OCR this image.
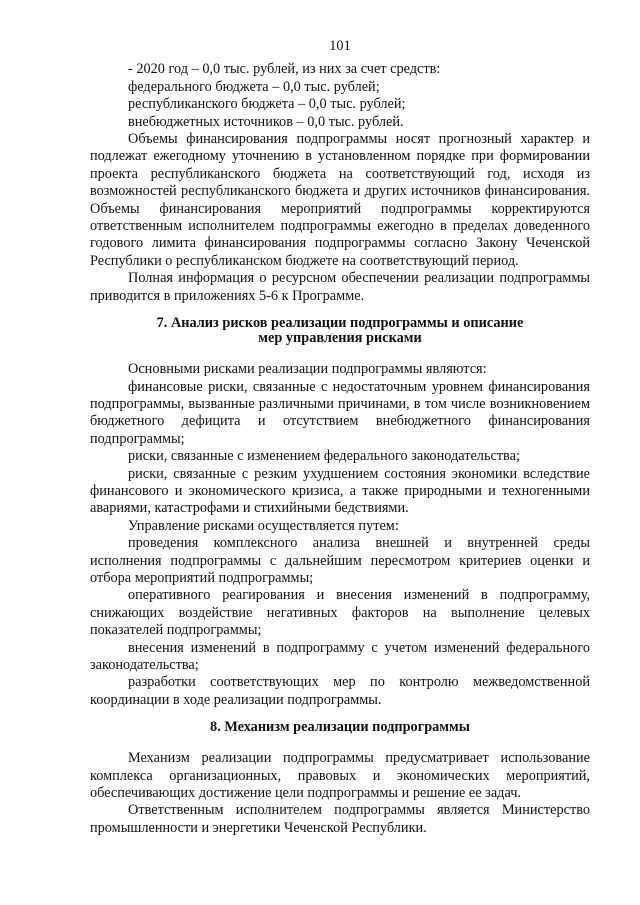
101

- 2020 год – 0,0 тыс. рублей, из них за счет средств:

федерального бюджета – 0,0 тыс. рублей;

республиканского бюджета – 0,0 тыс. рублей;

внебюджетных источников – 0,0 тыс. рублей.

Объемы финансирования подпрограммы носят прогнозный характер и подлежат ежегодному уточнению в установленном порядке при формировании проекта республиканского бюджета на соответствующий год, исходя из возможностей республиканского бюджета и других источников финансирования. Объемы финансирования мероприятий подпрограммы корректируются ответственным исполнителем подпрограммы ежегодно в пределах доведенного годового лимита финансирования подпрограммы согласно Закону Чеченской Республики о республиканском бюджете на соответствующий период.

Полная информация о ресурсном обеспечении реализации подпрограммы приводится в приложениях 5-6 к Программе.

7. Анализ рисков реализации подпрограммы и описание
мер управления рисками

Основными рисками реализации подпрограммы являются:

финансовые риски, связанные с недостаточным уровнем финансирования подпрограммы, вызванные различными причинами, в том числе возникновением бюджетного дефицита и отсутствием внебюджетного финансирования подпрограммы;

риски, связанные с изменением федерального законодательства;

риски, связанные с резким ухудшением состояния экономики вследствие финансового и экономического кризиса, а также природными и техногенными авариями, катастрофами и стихийными бедствиями.

Управление рисками осуществляется путем:

проведения комплексного анализа внешней и внутренней среды исполнения подпрограммы с дальнейшим пересмотром критериев оценки и отбора мероприятий подпрограммы;

оперативного реагирования и внесения изменений в подпрограмму, снижающих воздействие негативных факторов на выполнение целевых показателей подпрограммы;

внесения изменений в подпрограмму с учетом изменений федерального законодательства;

разработки соответствующих мер по контролю межведомственной координации в ходе реализации подпрограммы.

8. Механизм реализации подпрограммы

Механизм реализации подпрограммы предусматривает использование комплекса организационных, правовых и экономических мероприятий, обеспечивающих достижение цели подпрограммы и решение ее задач.

Ответственным исполнителем подпрограммы является Министерство промышленности и энергетики Чеченской Республики.
